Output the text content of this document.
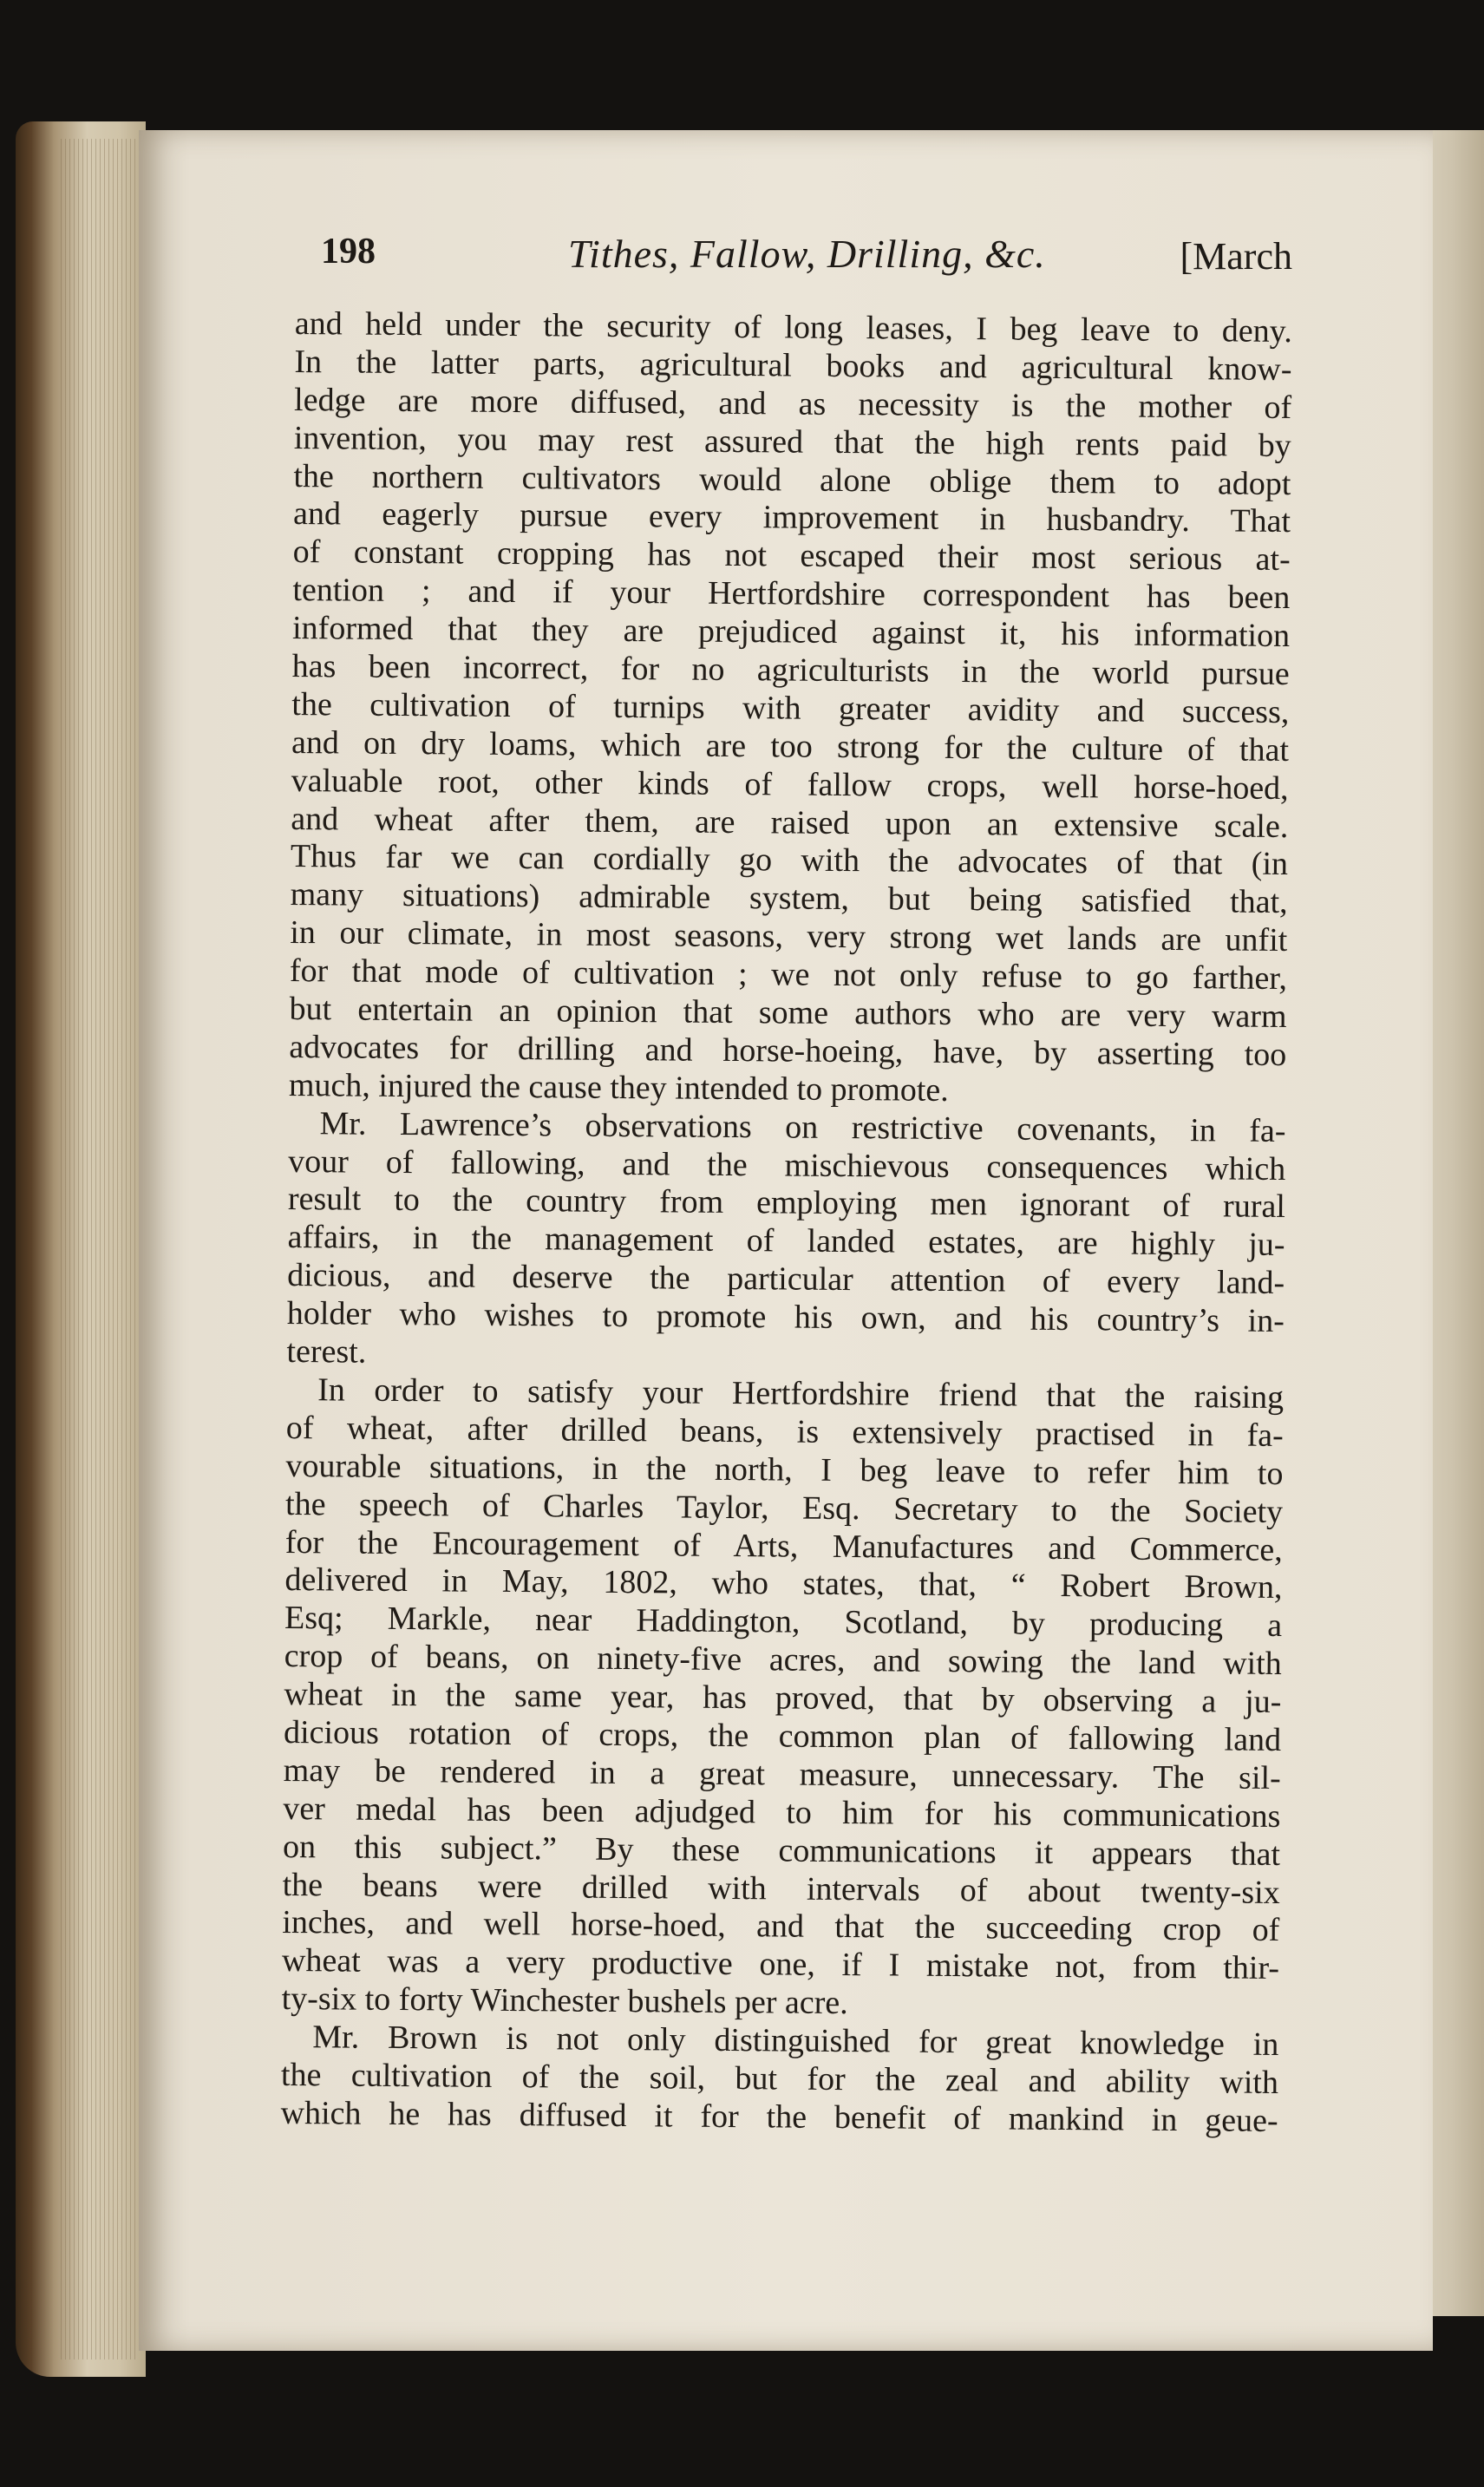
198	Tithes, Fallow, Drilling, &c.	[March
and held under the security of long leases, I beg leave to deny.
In the latter parts, agricultural books and agricultural know-
ledge are more diffused, and as necessity is the mother of
invention, you may rest assured that the high rents paid by
the northern cultivators would alone oblige them to adopt
and eagerly pursue every improvement in husbandry. That
of constant cropping has not escaped their most serious at-
tention ; and if your Hertfordshire correspondent has been
informed that they are prejudiced against it, his information
has been incorrect, for no agriculturists in the world pursue
the cultivation of turnips with greater avidity and success,
and on dry loams, which are too strong for the culture of that
valuable root, other kinds of fallow crops, well horse-hoed,
and wheat after them, are raised upon an extensive scale.
Thus far we can cordially go with the advocates of that (in
many situations) admirable system, but being satisfied that,
in our climate, in most seasons, very strong wet lands are unfit
for that mode of cultivation ; we not only refuse to go farther,
but entertain an opinion that some authors who are very warm
advocates for drilling and horse-hoeing, have, by asserting too
much, injured the cause they intended to promote.
Mr. Lawrence’s observations on restrictive covenants, in fa-
vour of fallowing, and the mischievous consequences which
result to the country from employing men ignorant of rural
affairs, in the management of landed estates, are highly ju-
dicious, and deserve the particular attention of every land-
holder who wishes to promote his own, and his country’s in-
terest.
In order to satisfy your Hertfordshire friend that the raising
of wheat, after drilled beans, is extensively practised in fa-
vourable situations, in the north, I beg leave to refer him to
the speech of Charles Taylor, Esq. Secretary to the Society
for the Encouragement of Arts, Manufactures and Commerce,
delivered in May, 1802, who states, that, “ Robert Brown,
Esq; Markle, near Haddington, Scotland, by producing a
crop of beans, on ninety-five acres, and sowing the land with
wheat in the same year, has proved, that by observing a ju-
dicious rotation of crops, the common plan of fallowing land
may be rendered in a great measure, unnecessary. The sil-
ver medal has been adjudged to him for his communications
on this subject.” By these communications it appears that
the beans were drilled with intervals of about twenty-six
inches, and well horse-hoed, and that the succeeding crop of
wheat was a very productive one, if I mistake not, from thir-
ty-six to forty Winchester bushels per acre.
Mr. Brown is not only distinguished for great knowledge in
the cultivation of the soil, but for the zeal and ability with
which he has diffused it for the benefit of mankind in geue-
